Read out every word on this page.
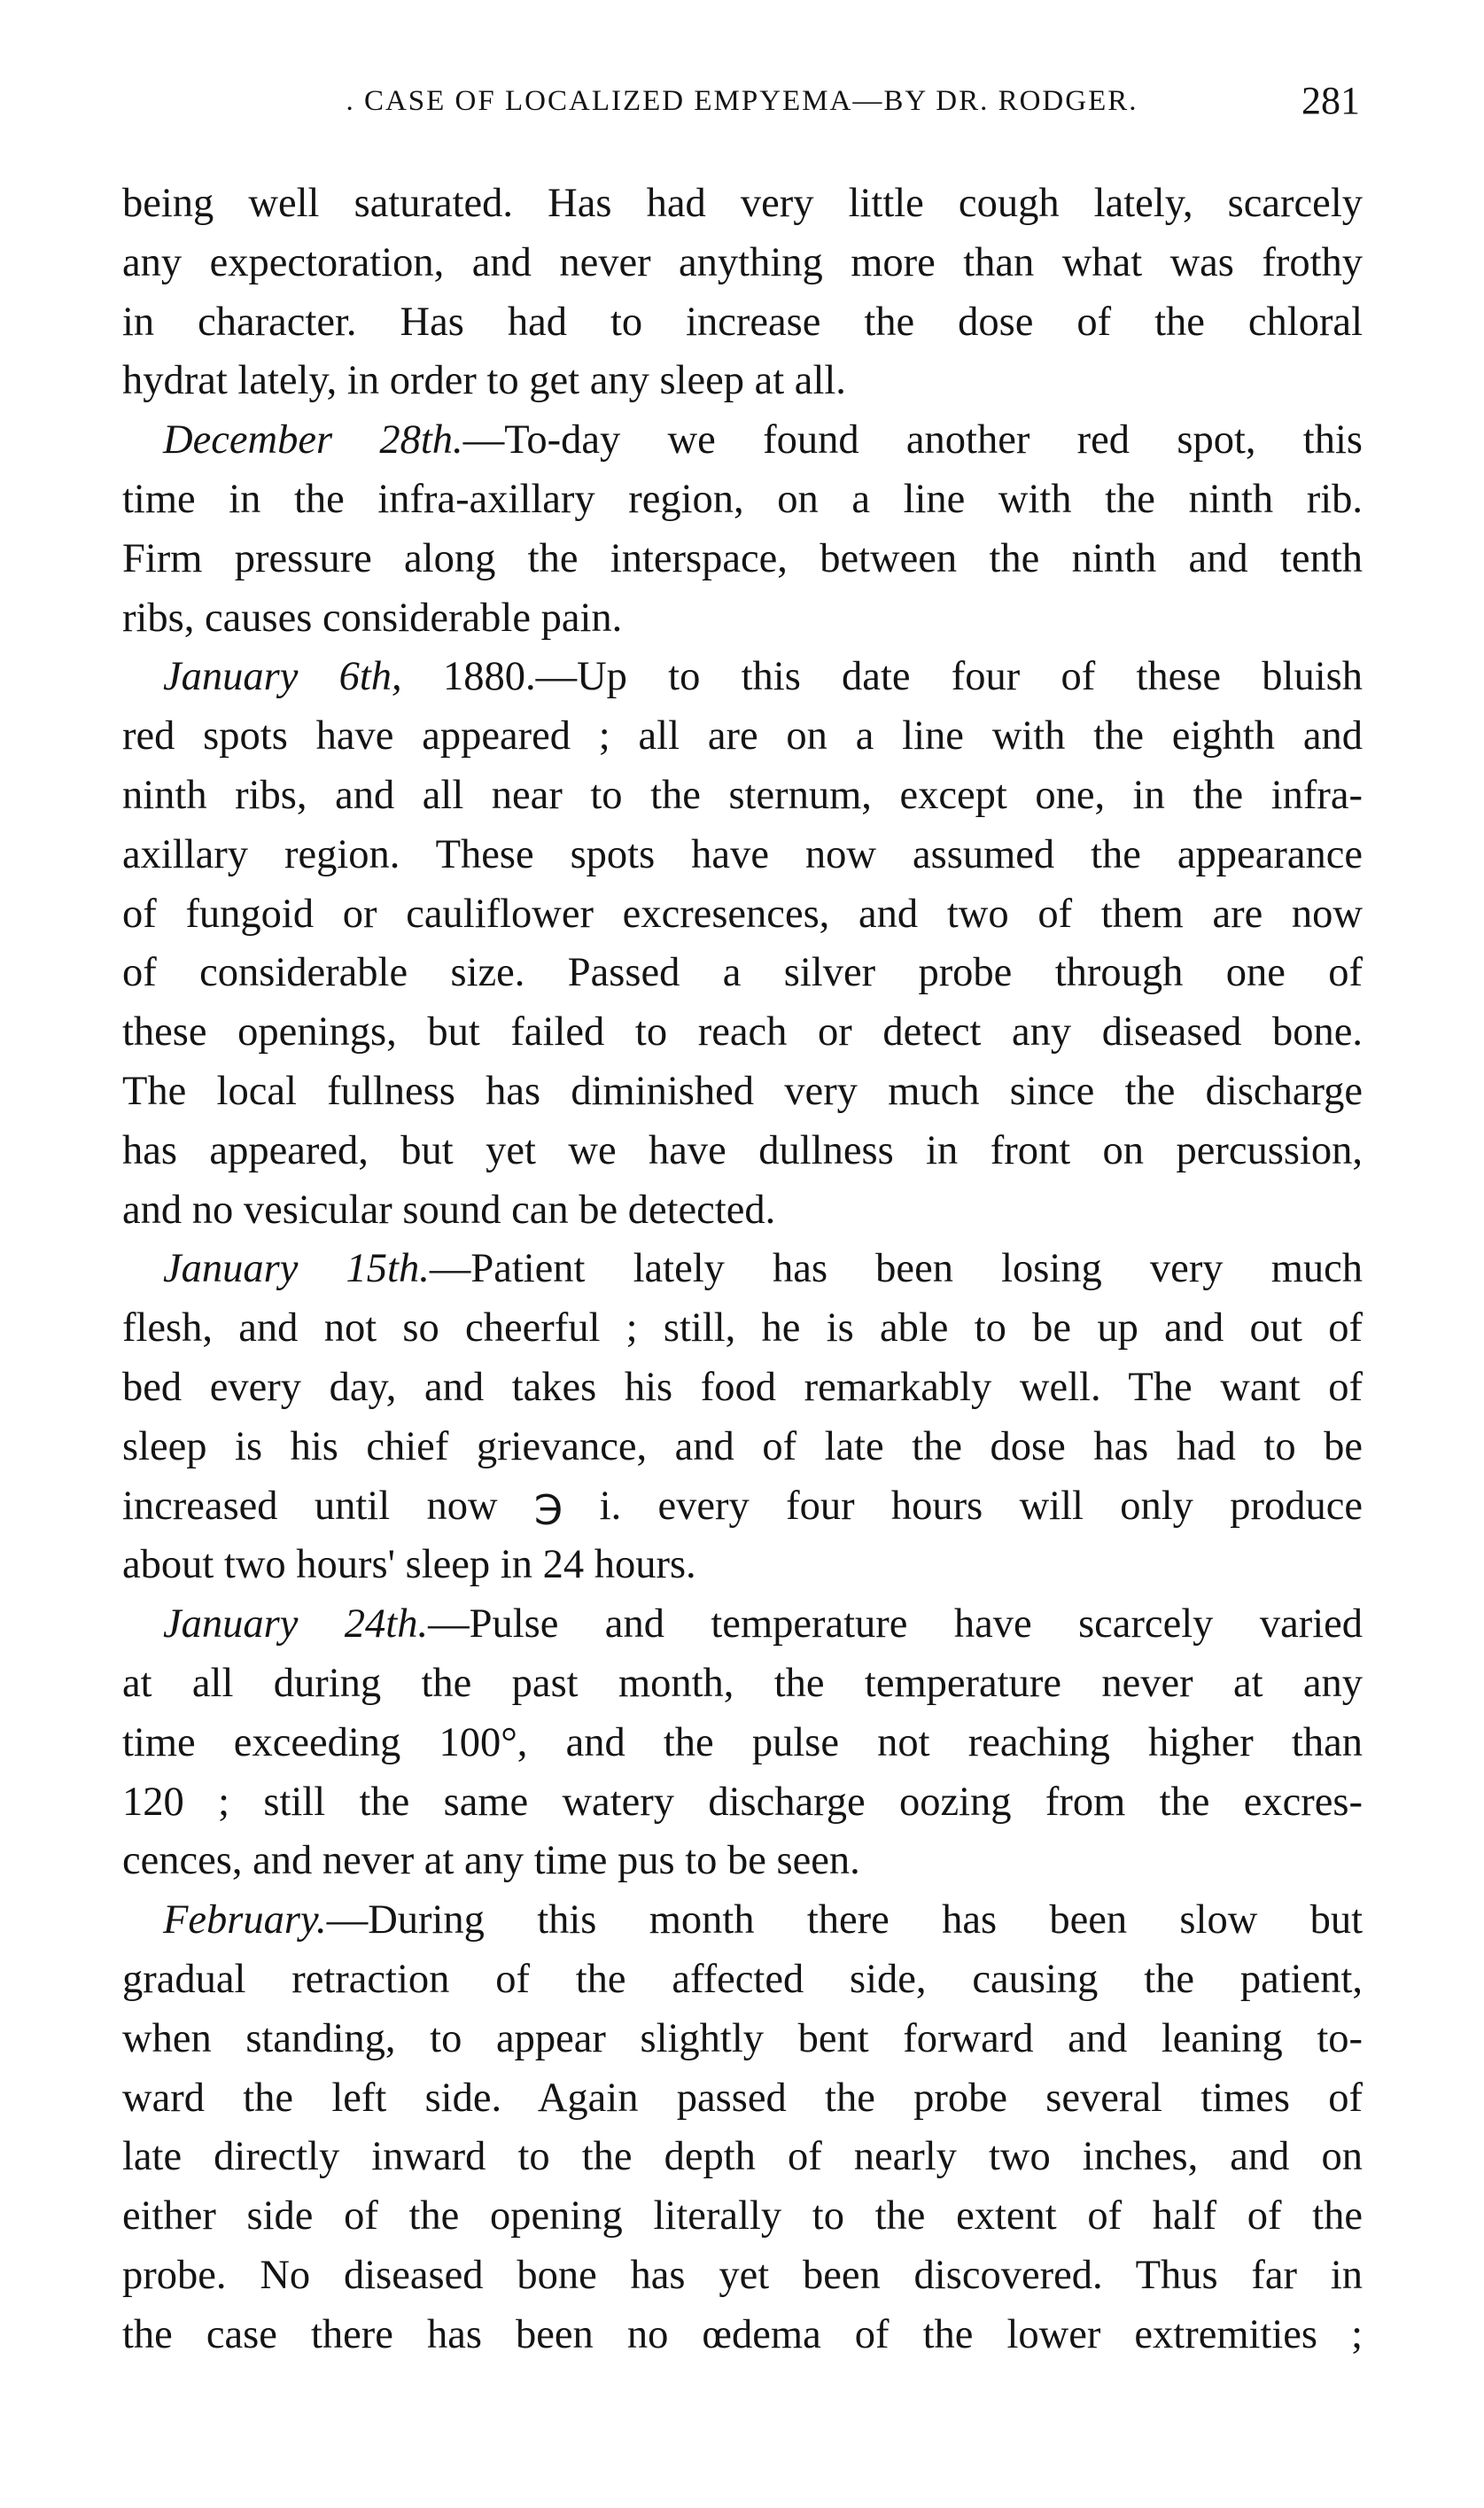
. CASE OF LOCALIZED EMPYEMA—BY DR. RODGER.	281
being well saturated. Has had very little cough lately, scarcely
any expectoration, and never anything more than what was frothy
in character. Has had to increase the dose of the chloral
hydrat lately, in order to get any sleep at all.
December 28th.—To-day we found another red spot, this
time in the infra-axillary region, on a line with the ninth rib.
Firm pressure along the interspace, between the ninth and tenth
ribs, causes considerable pain.
January 6th, 1880.—Up to this date four of these bluish
red spots have appeared ; all are on a line with the eighth and
ninth ribs, and all near to the sternum, except one, in the infra-
axillary region. These spots have now assumed the appearance
of fungoid or cauliflower excresences, and two of them are now
of considerable size. Passed a silver probe through one of
these openings, but failed to reach or detect any diseased bone.
The local fullness has diminished very much since the discharge
has appeared, but yet we have dullness in front on percussion,
and no vesicular sound can be detected.
January 15th.—Patient lately has been losing very much
flesh, and not so cheerful ; still, he is able to be up and out of
bed every day, and takes his food remarkably well. The want of
sleep is his chief grievance, and of late the dose has had to be
increased until now ℈ i. every four hours will only produce
about two hours' sleep in 24 hours.
January 24th.—Pulse and temperature have scarcely varied
at all during the past month, the temperature never at any
time exceeding 100°, and the pulse not reaching higher than
120 ; still the same watery discharge oozing from the excres-
cences, and never at any time pus to be seen.
February.—During this month there has been slow but
gradual retraction of the affected side, causing the patient,
when standing, to appear slightly bent forward and leaning to-
ward the left side. Again passed the probe several times of
late directly inward to the depth of nearly two inches, and on
either side of the opening literally to the extent of half of the
probe. No diseased bone has yet been discovered. Thus far in
the case there has been no œdema of the lower extremities ;
